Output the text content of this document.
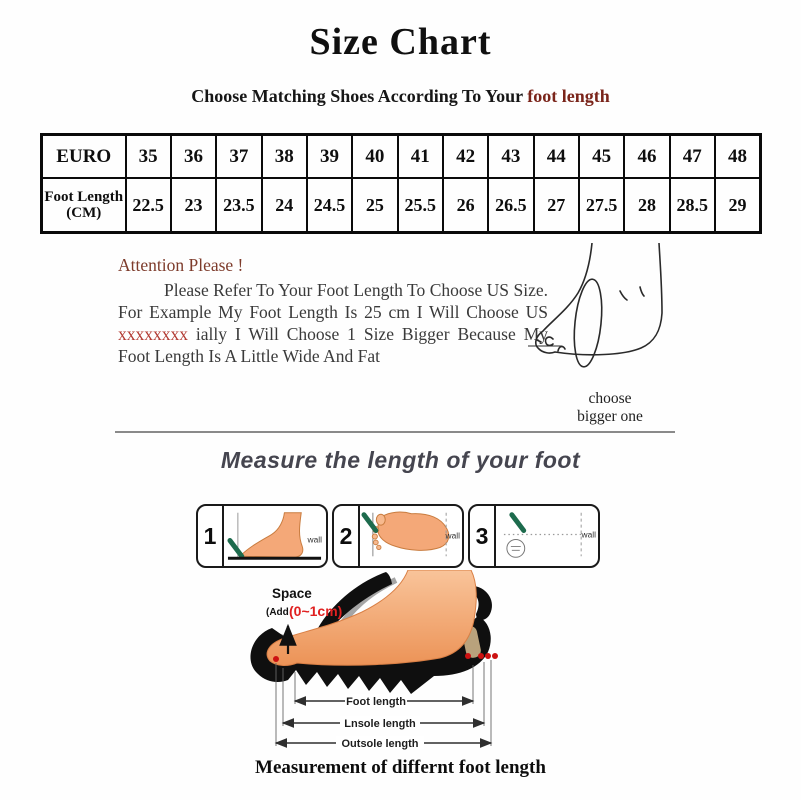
Size Chart
Choose Matching Shoes According To Your foot length
EURO	35	36	37	38	39	40	41	42	43	44	45	46	47	48
Foot Length (CM)	22.5	23	23.5	24	24.5	25	25.5	26	26.5	27	27.5	28	28.5	29
Attention Please !

Please Refer To Your Foot Length To Choose US Size. For Example My Foot Length Is 25 cm I Will Choose US xxxxxxxx ially I Will Choose 1 Size Bigger Because My Foot Length Is A Little Wide And Fat

choose
bigger one
Measure the length of your foot
1	wall 2	wall 3	wall
Foot length
Lnsole length
Outsole length
Space
(Add (0~1cm)
Measurement of differnt foot length
